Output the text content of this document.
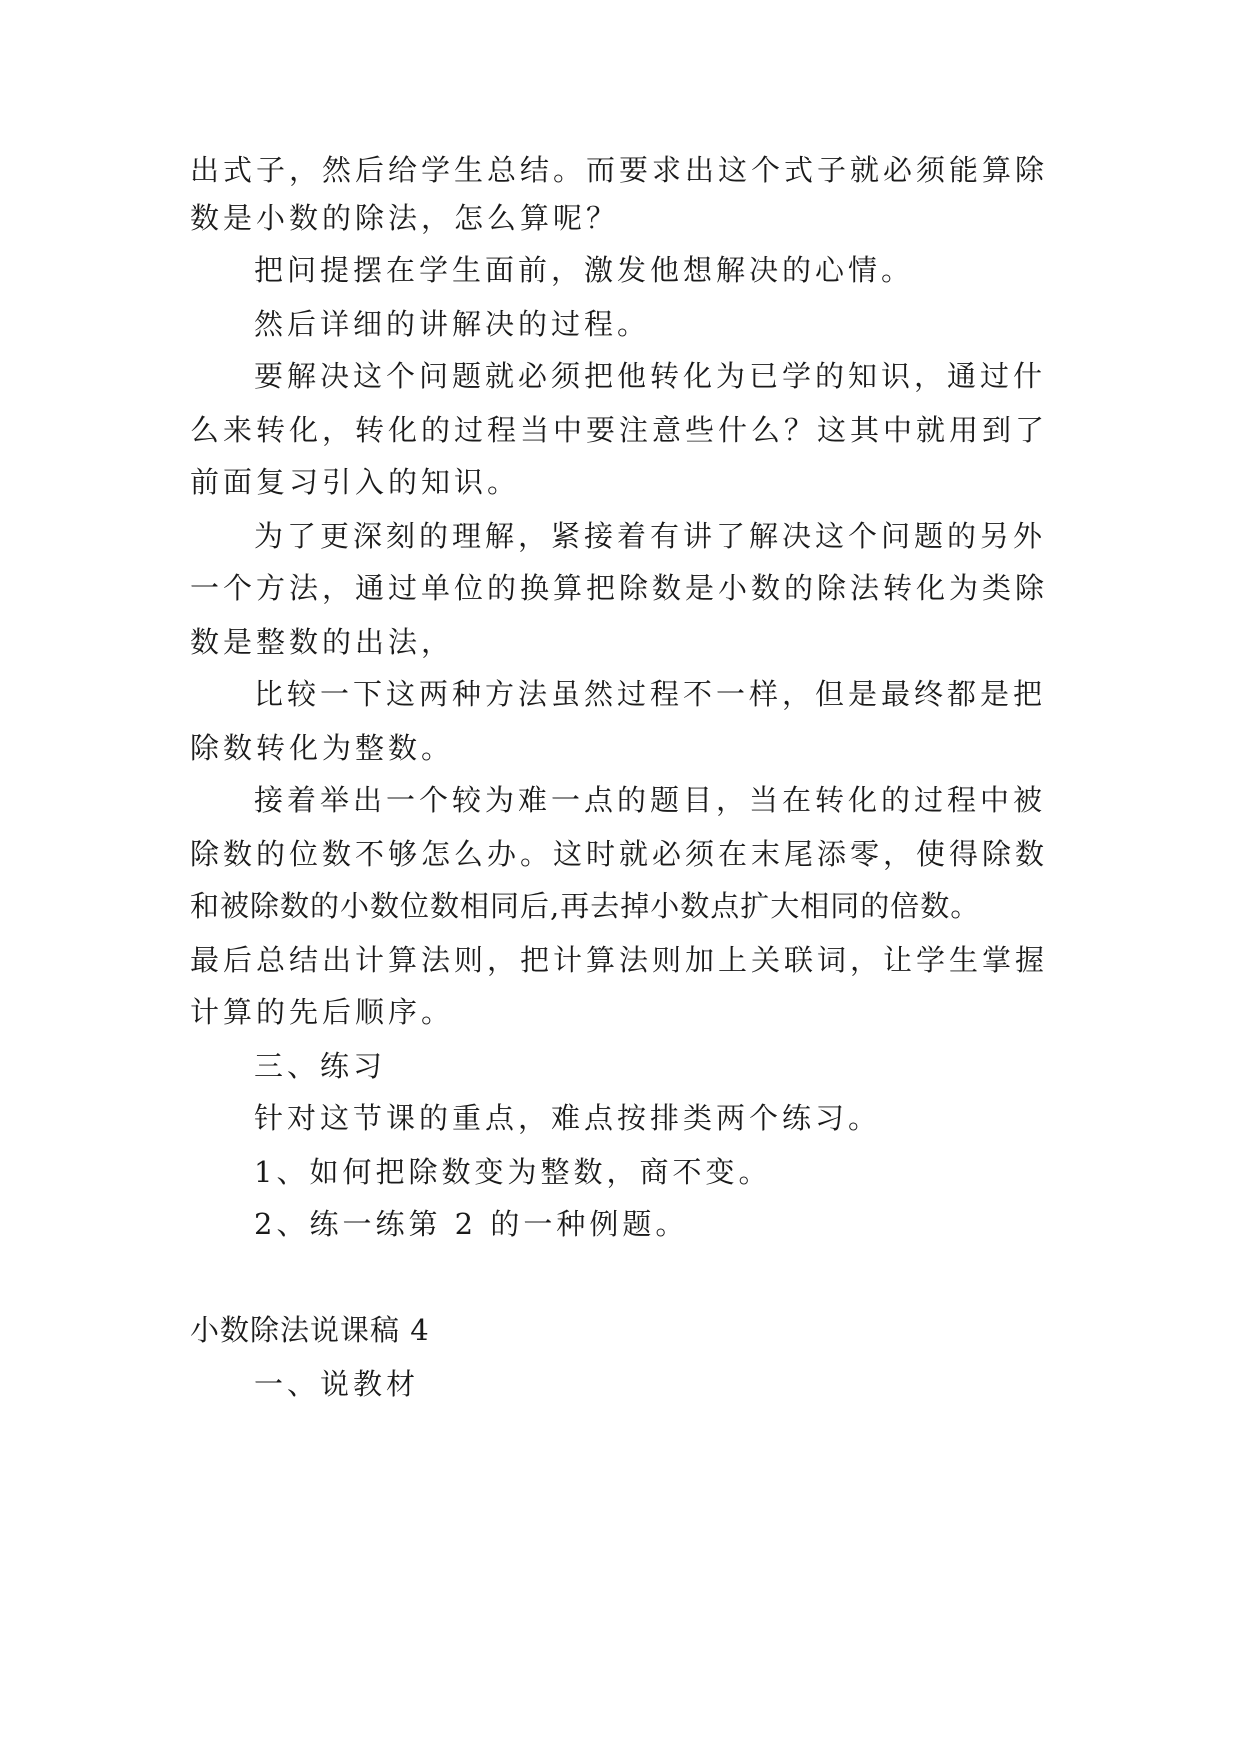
出式子，然后给学生总结。而要求出这个式子就必须能算除
数是小数的除法，怎么算呢？
把问提摆在学生面前，激发他想解决的心情。
然后详细的讲解决的过程。
要解决这个问题就必须把他转化为已学的知识，通过什
么来转化，转化的过程当中要注意些什么？这其中就用到了
前面复习引入的知识。
为了更深刻的理解，紧接着有讲了解决这个问题的另外
一个方法，通过单位的换算把除数是小数的除法转化为类除
数是整数的出法，
比较一下这两种方法虽然过程不一样，但是最终都是把
除数转化为整数。
接着举出一个较为难一点的题目，当在转化的过程中被
除数的位数不够怎么办。这时就必须在末尾添零，使得除数
和被除数的小数位数相同后,再去掉小数点扩大相同的倍数。
最后总结出计算法则，把计算法则加上关联词，让学生掌握
计算的先后顺序。
三、练习
针对这节课的重点，难点按排类两个练习。
1、如何把除数变为整数，商不变。
2、练一练第 2 的一种例题。
小数除法说课稿 4
一、说教材
